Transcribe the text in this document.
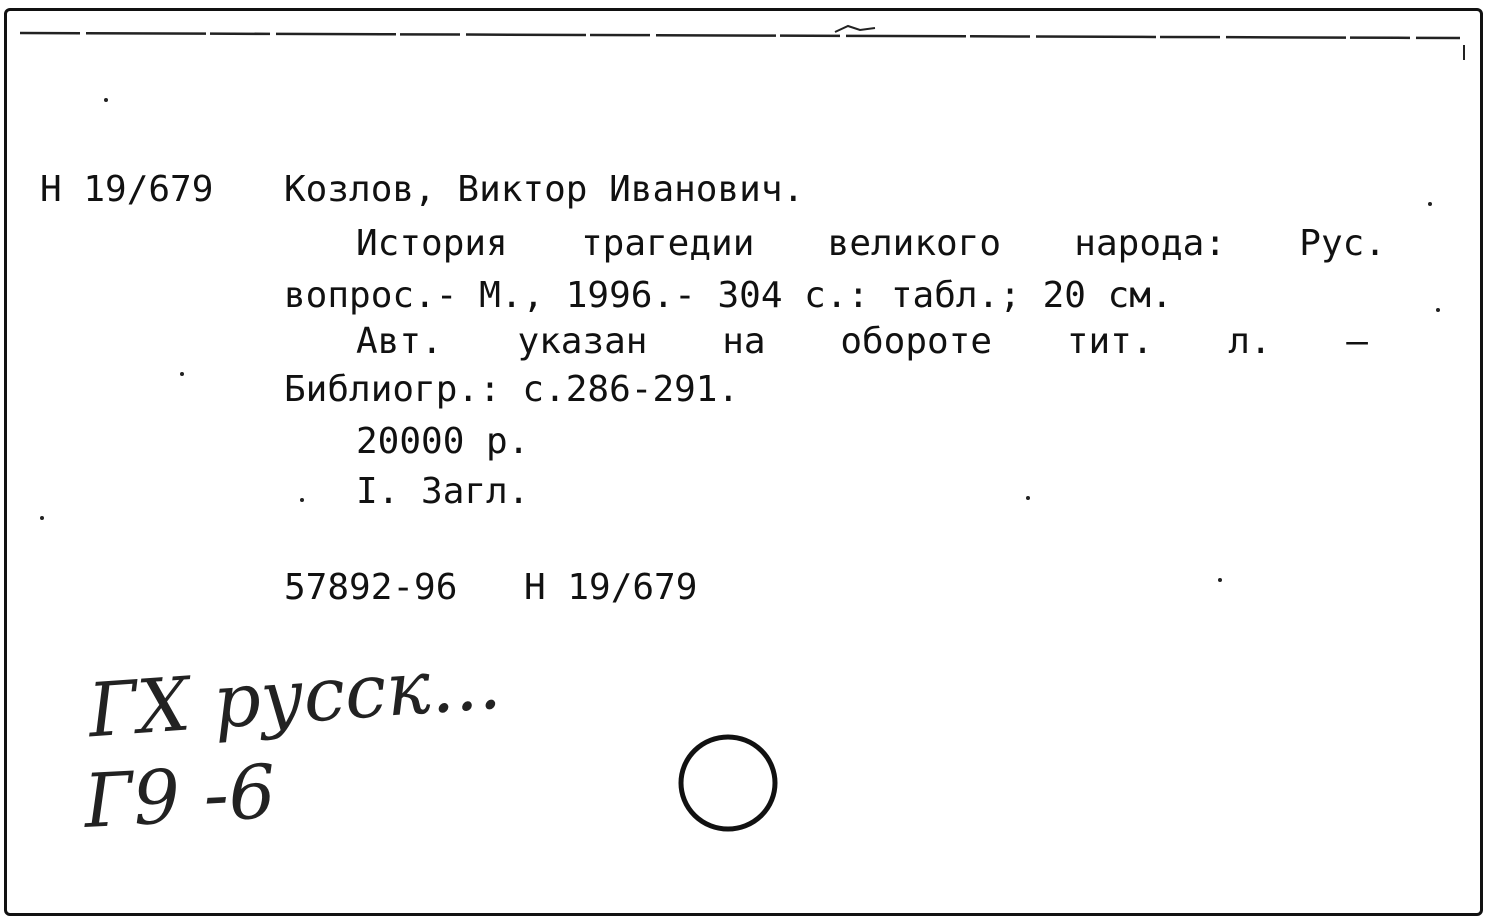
Н 19/679 Козлов, Виктор Иванович.
История трагедии великого народа: Рус.
вопрос.- М., 1996.- 304 с.: табл.; 20 см.
Авт. указан на обороте тит. л. –
Библиогр.: с.286-291.
20000 р.
I. Загл.
57892-96 Н 19/679
ГХ русск...
Г9 -6
